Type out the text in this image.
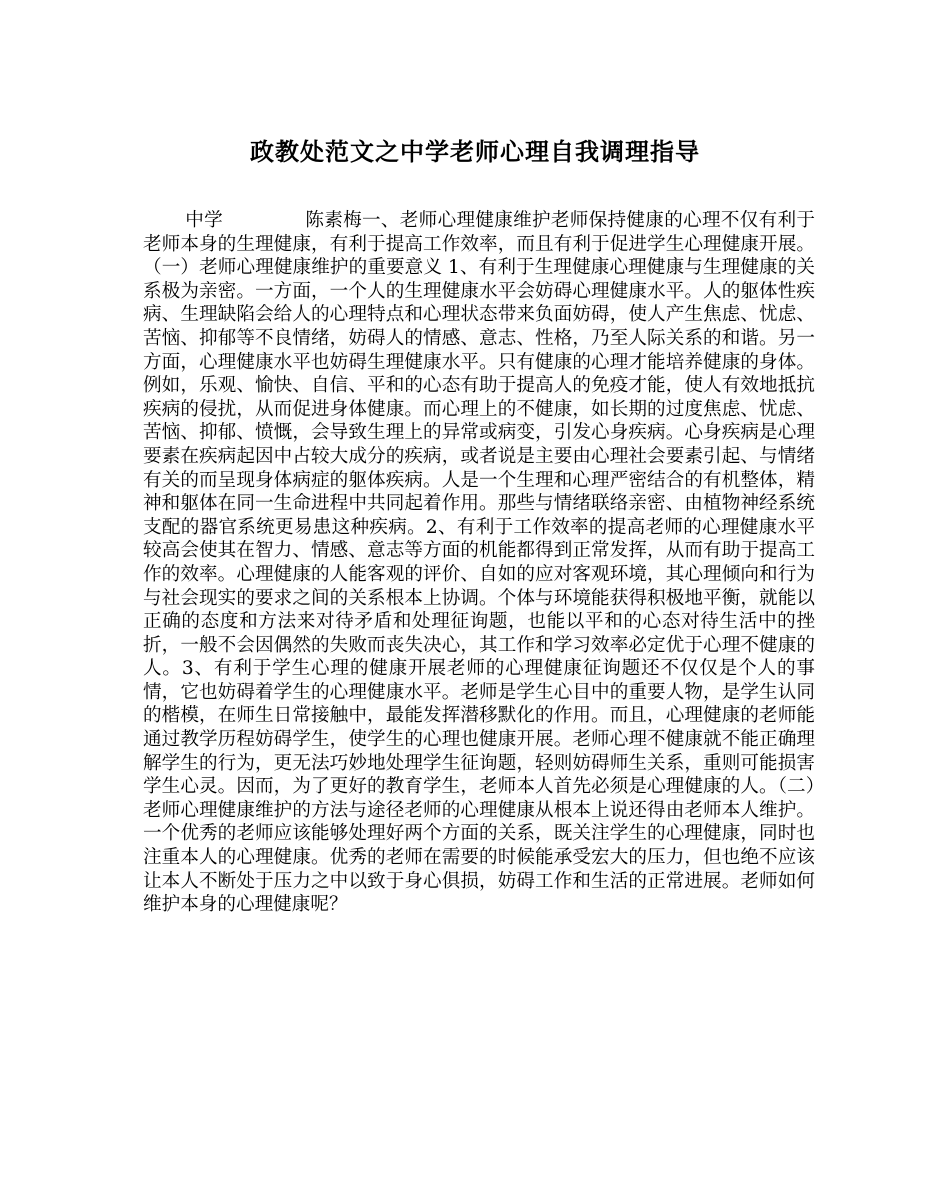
政教处范文之中学老师心理自我调理指导

中学	陈素梅一、老师心理健康维护老师保持健康的心理不仅有利于老师本身的生理健康，有利于提高工作效率，而且有利于促进学生心理健康开展。（一）老师心理健康维护的重要意义 1、有利于生理健康心理健康与生理健康的关系极为亲密。一方面，一个人的生理健康水平会妨碍心理健康水平。人的躯体性疾病、生理缺陷会给人的心理特点和心理状态带来负面妨碍，使人产生焦虑、忧虑、苦恼、抑郁等不良情绪，妨碍人的情感、意志、性格，乃至人际关系的和谐。另一方面，心理健康水平也妨碍生理健康水平。只有健康的心理才能培养健康的身体。例如，乐观、愉快、自信、平和的心态有助于提高人的免疫才能，使人有效地抵抗疾病的侵扰，从而促进身体健康。而心理上的不健康，如长期的过度焦虑、忧虑、苦恼、抑郁、愤慨，会导致生理上的异常或病变，引发心身疾病。心身疾病是心理要素在疾病起因中占较大成分的疾病，或者说是主要由心理社会要素引起、与情绪有关的而呈现身体病症的躯体疾病。人是一个生理和心理严密结合的有机整体，精神和躯体在同一生命进程中共同起着作用。那些与情绪联络亲密、由植物神经系统支配的器官系统更易患这种疾病。2、有利于工作效率的提高老师的心理健康水平较高会使其在智力、情感、意志等方面的机能都得到正常发挥，从而有助于提高工作的效率。心理健康的人能客观的评价、自如的应对客观环境，其心理倾向和行为与社会现实的要求之间的关系根本上协调。个体与环境能获得积极地平衡，就能以正确的态度和方法来对待矛盾和处理征询题，也能以平和的心态对待生活中的挫折，一般不会因偶然的失败而丧失决心，其工作和学习效率必定优于心理不健康的人。3、有利于学生心理的健康开展老师的心理健康征询题还不仅仅是个人的事情，它也妨碍着学生的心理健康水平。老师是学生心目中的重要人物，是学生认同的楷模，在师生日常接触中，最能发挥潜移默化的作用。而且，心理健康的老师能通过教学历程妨碍学生，使学生的心理也健康开展。老师心理不健康就不能正确理解学生的行为，更无法巧妙地处理学生征询题，轻则妨碍师生关系，重则可能损害学生心灵。因而，为了更好的教育学生，老师本人首先必须是心理健康的人。（二）老师心理健康维护的方法与途径老师的心理健康从根本上说还得由老师本人维护。一个优秀的老师应该能够处理好两个方面的关系，既关注学生的心理健康，同时也注重本人的心理健康。优秀的老师在需要的时候能承受宏大的压力，但也绝不应该让本人不断处于压力之中以致于身心俱损，妨碍工作和生活的正常进展。老师如何维护本身的心理健康呢？
